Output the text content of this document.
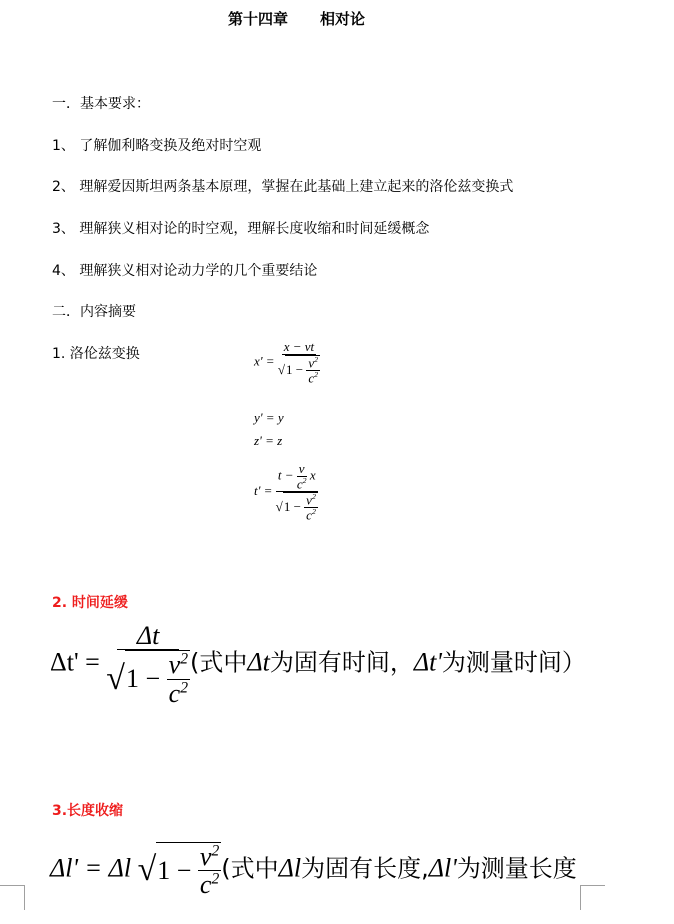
第十四章 相对论
一．基本要求：
1、 了解伽利略变换及绝对时空观
2、 理解爱因斯坦两条基本原理，掌握在此基础上建立起来的洛伦兹变换式
3、 理解狭义相对论的时空观，理解长度收缩和时间延缓概念
4、 理解狭义相对论动力学的几个重要结论
二．内容摘要
1. 洛伦兹变换	x' = x − vt
√ 1 −
$\frac{v^2}{c^2}$
y' = y
z' = z
$t' = t - \frac{v}{c^2}$ x
√ 1 −
$\frac{v^2}{c^2}$
2. 时间延缓
Δt' = Δt
√ 1 −
$\frac{v^2}{c^2}$ (式中Δt为固有时间，Δt'为测量时间）
3.长度收缩
Δl' = Δl √ 1 −
$\frac{v^2}{c^2}$ (式中Δl为固有长度,Δl'为测量长度
